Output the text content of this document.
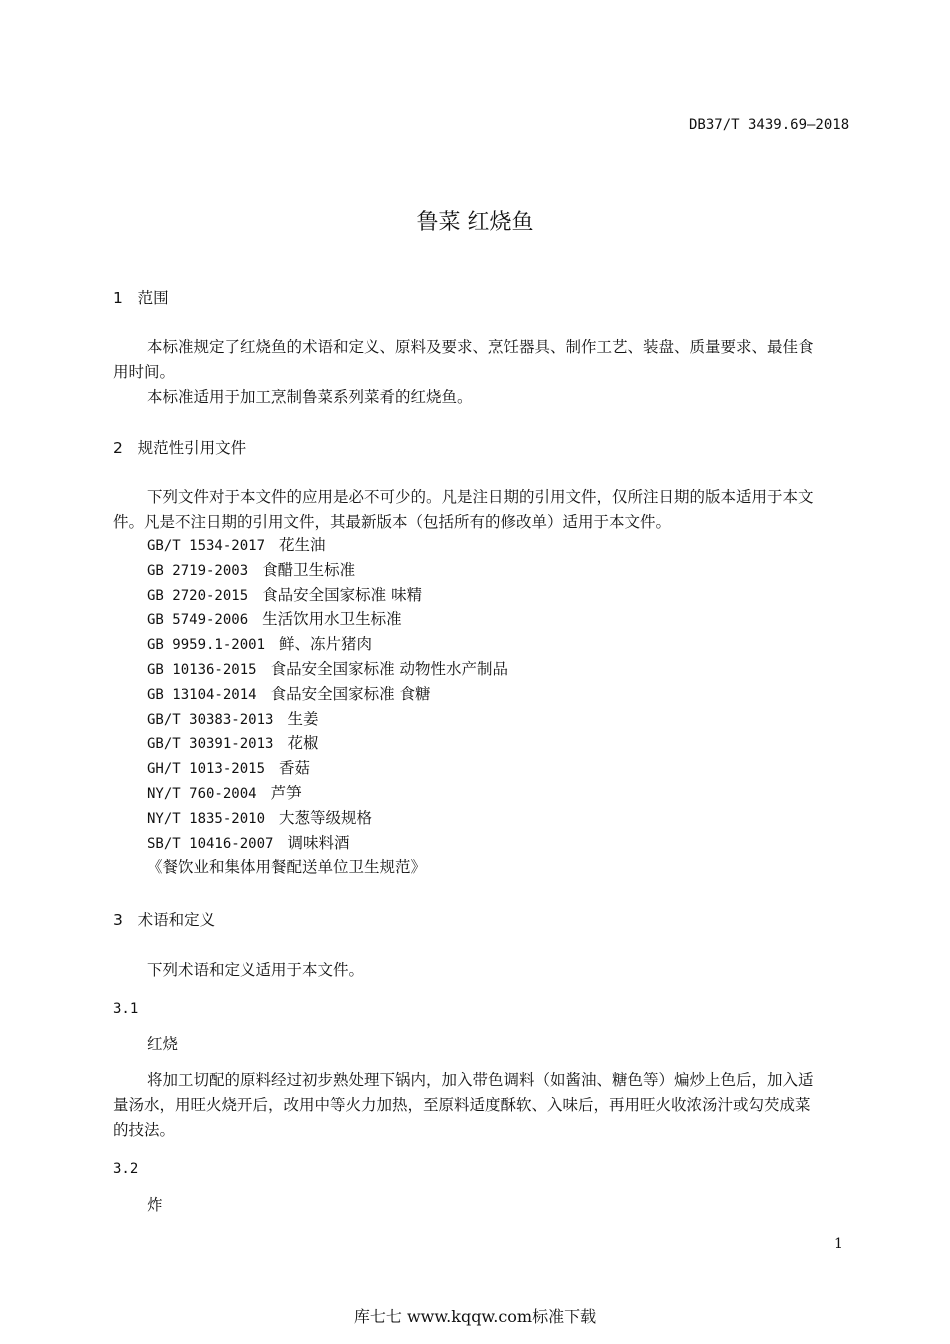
DB37/T 3439.69—2018
鲁菜 红烧鱼
1 范围
本标准规定了红烧鱼的术语和定义、原料及要求、烹饪器具、制作工艺、装盘、质量要求、最佳食
用时间。
本标准适用于加工烹制鲁菜系列菜肴的红烧鱼。
2 规范性引用文件
下列文件对于本文件的应用是必不可少的。凡是注日期的引用文件，仅所注日期的版本适用于本文
件。凡是不注日期的引用文件，其最新版本（包括所有的修改单）适用于本文件。
GB/T 1534-2017 花生油
GB 2719-2003 食醋卫生标准
GB 2720-2015 食品安全国家标准 味精
GB 5749-2006 生活饮用水卫生标准
GB 9959.1-2001 鲜、冻片猪肉
GB 10136-2015 食品安全国家标准 动物性水产制品
GB 13104-2014 食品安全国家标准 食糖
GB/T 30383-2013 生姜
GB/T 30391-2013 花椒
GH/T 1013-2015 香菇
NY/T 760-2004 芦笋
NY/T 1835-2010 大葱等级规格
SB/T 10416-2007 调味料酒
《餐饮业和集体用餐配送单位卫生规范》
3 术语和定义
下列术语和定义适用于本文件。
3.1
红烧
将加工切配的原料经过初步熟处理下锅内，加入带色调料（如酱油、糖色等）煸炒上色后，加入适
量汤水，用旺火烧开后，改用中等火力加热，至原料适度酥软、入味后，再用旺火收浓汤汁或勾芡成菜
的技法。
3.2
炸
1
库七七 www.kqqw.com标准下载
